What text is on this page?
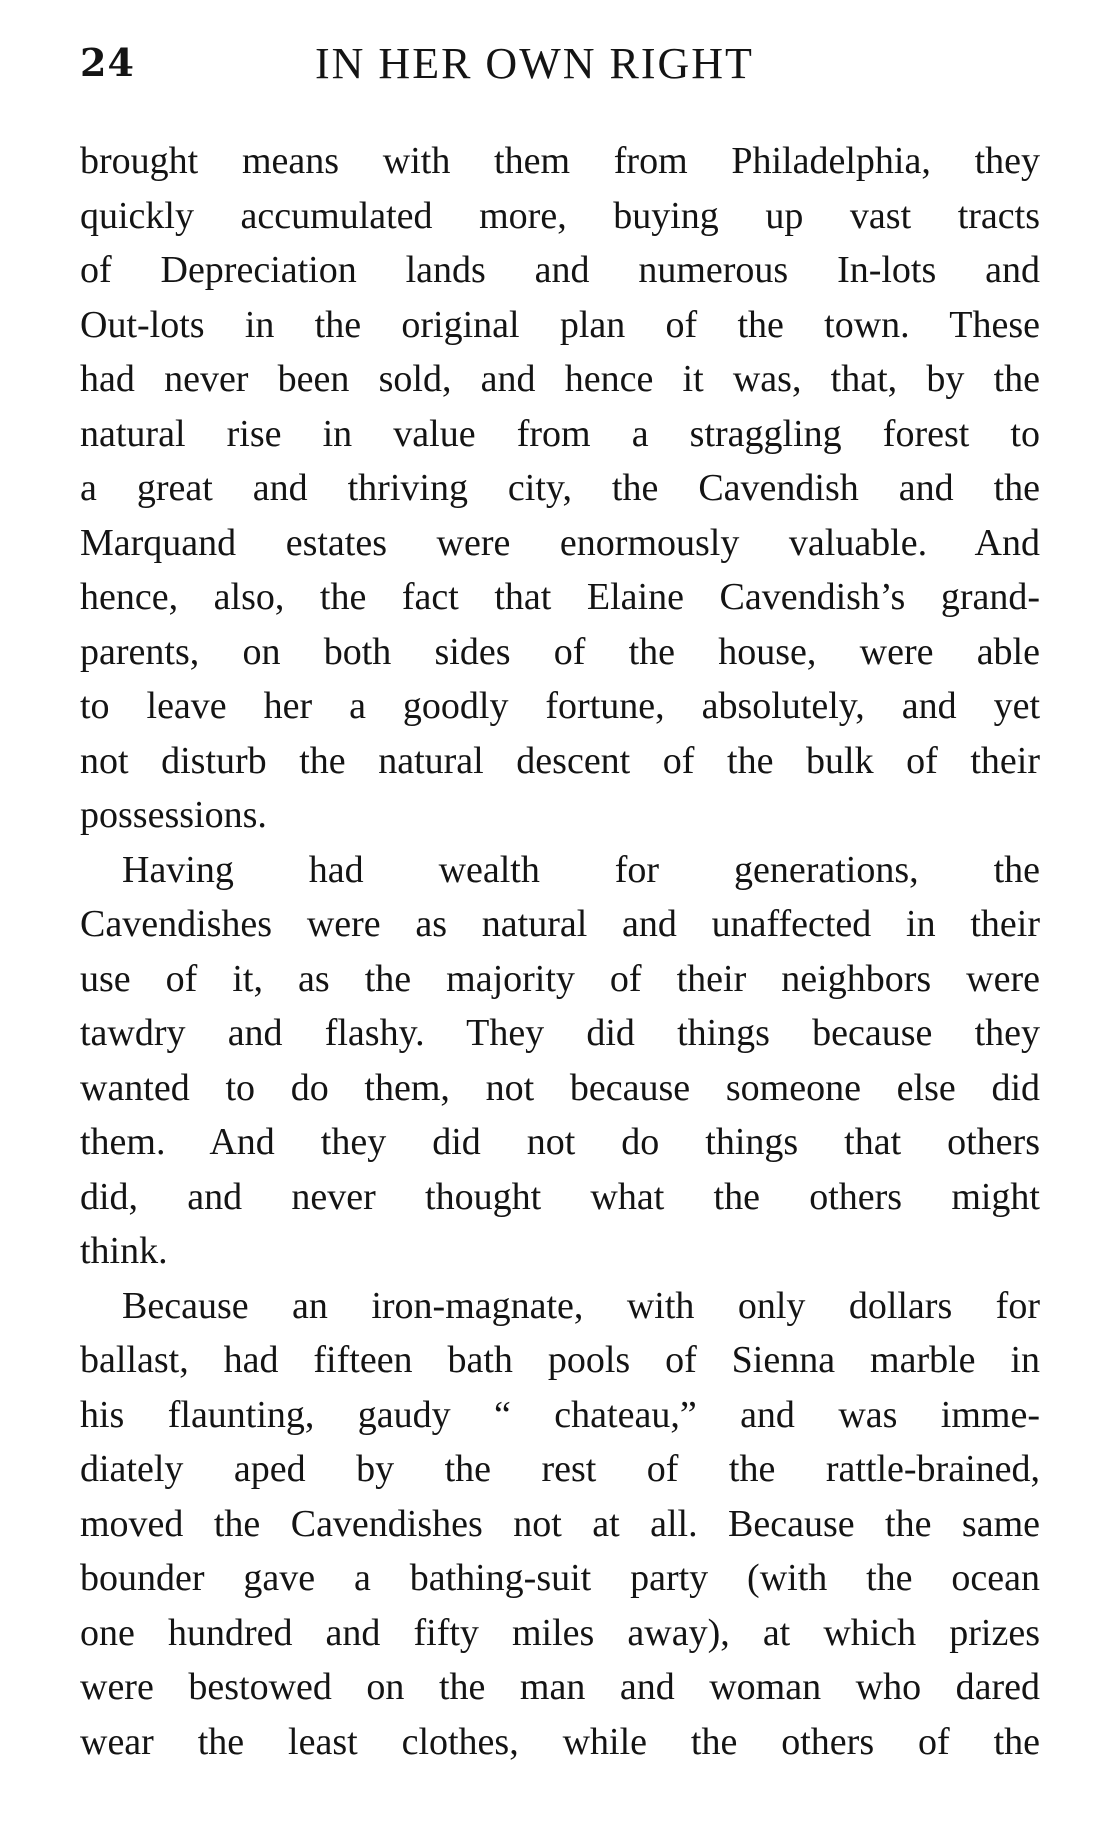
24	IN HER OWN RIGHT
brought means with them from Philadelphia, they
quickly accumulated more, buying up vast tracts
of Depreciation lands and numerous In-lots and
Out-lots in the original plan of the town. These
had never been sold, and hence it was, that, by the
natural rise in value from a straggling forest to
a great and thriving city, the Cavendish and the
Marquand estates were enormously valuable. And
hence, also, the fact that Elaine Cavendish’s grand-
parents, on both sides of the house, were able
to leave her a goodly fortune, absolutely, and yet
not disturb the natural descent of the bulk of their
possessions.
Having had wealth for generations, the
Cavendishes were as natural and unaffected in their
use of it, as the majority of their neighbors were
tawdry and flashy. They did things because they
wanted to do them, not because someone else did
them. And they did not do things that others
did, and never thought what the others might
think.
Because an iron-magnate, with only dollars for
ballast, had fifteen bath pools of Sienna marble in
his flaunting, gaudy “ chateau,” and was imme-
diately aped by the rest of the rattle-brained,
moved the Cavendishes not at all. Because the same
bounder gave a bathing-suit party (with the ocean
one hundred and fifty miles away), at which prizes
were bestowed on the man and woman who dared
wear the least clothes, while the others of the
